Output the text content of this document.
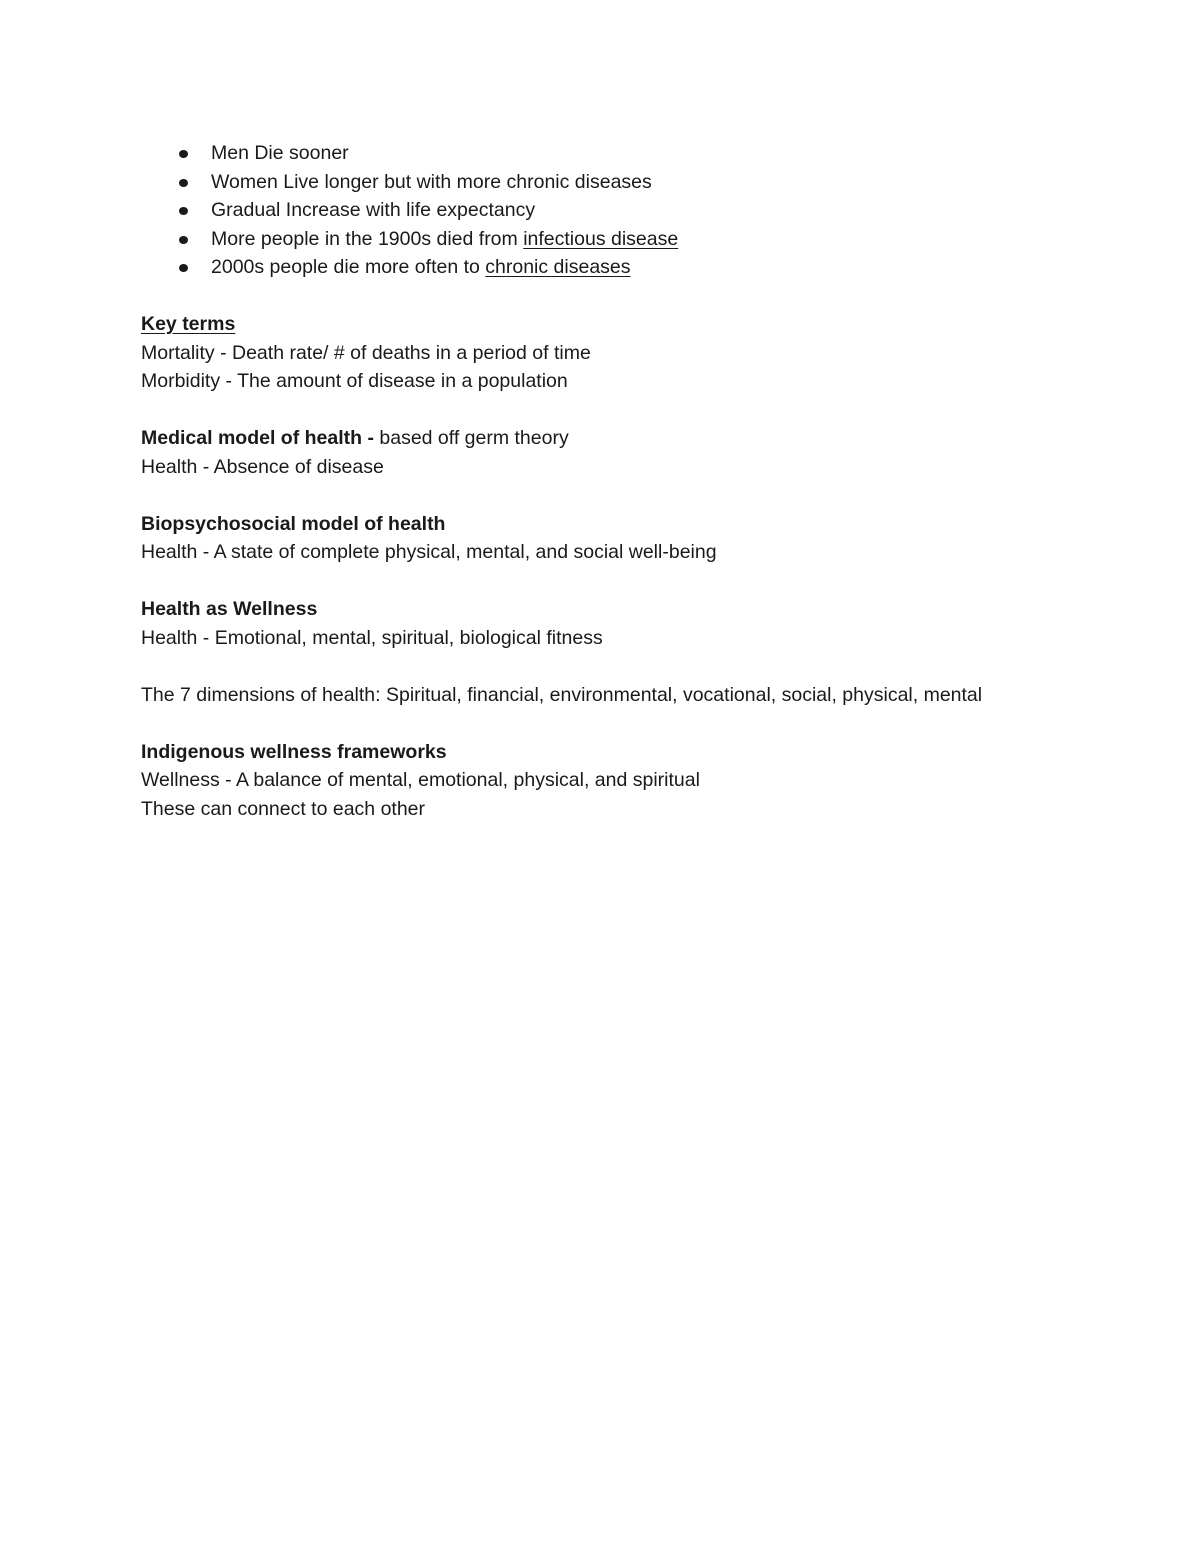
Men Die sooner
Women Live longer but with more chronic diseases
Gradual Increase with life expectancy
More people in the 1900s died from infectious disease
2000s people die more often to chronic diseases
Key terms
Mortality - Death rate/ # of deaths in a period of time
Morbidity - The amount of disease in a population
Medical model of health - based off germ theory
Health - Absence of disease
Biopsychosocial model of health
Health - A state of complete physical, mental, and social well-being
Health as Wellness
Health - Emotional, mental, spiritual, biological fitness
The 7 dimensions of health: Spiritual, financial, environmental, vocational, social, physical, mental
Indigenous wellness frameworks
Wellness - A balance of mental, emotional, physical, and spiritual
These can connect to each other
